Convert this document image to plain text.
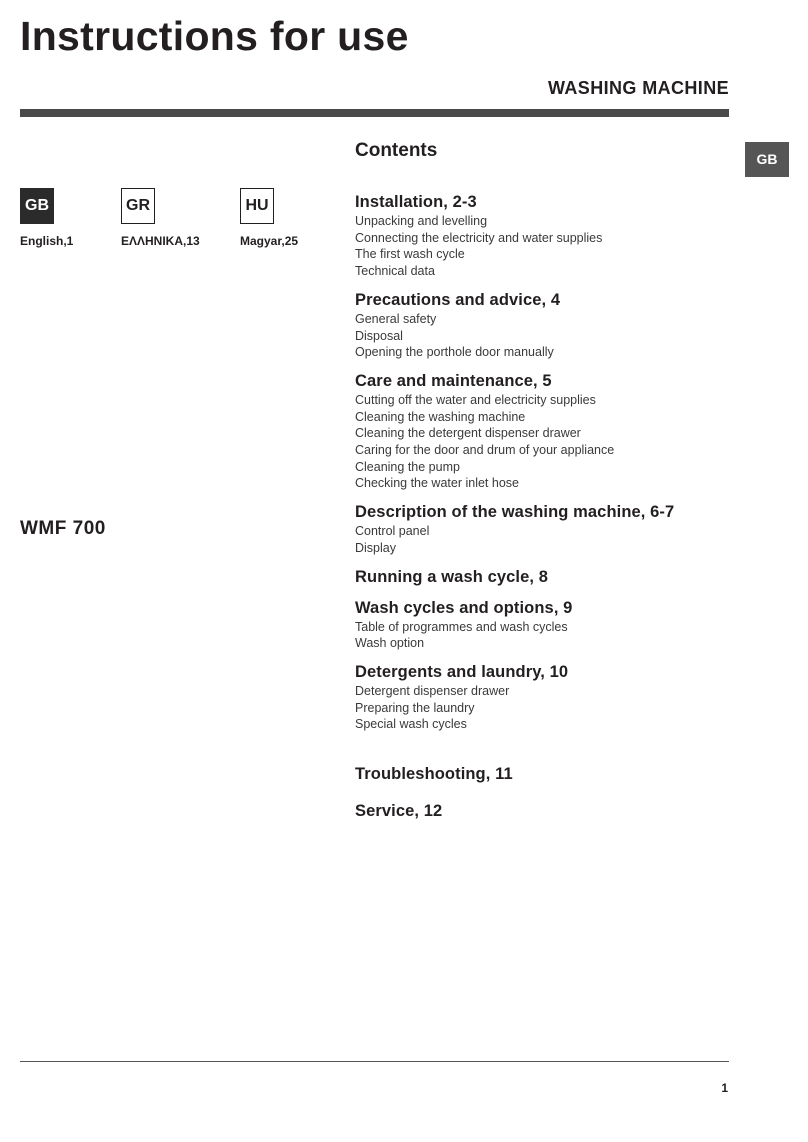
Instructions for use
WASHING MACHINE
GB
GB
English,1
GR
ΕΛΛΗΝΙΚΑ,13
HU
Magyar,25
WMF 700
Contents
Installation, 2-3
Unpacking and levelling
Connecting the electricity and water supplies
The first wash cycle
Technical data
Precautions and advice, 4
General safety
Disposal
Opening the porthole door manually
Care and maintenance, 5
Cutting off the water and electricity supplies
Cleaning the washing machine
Cleaning the detergent dispenser drawer
Caring for the door and drum of your appliance
Cleaning the pump
Checking the water inlet hose
Description of the washing machine, 6-7
Control panel
Display
Running a wash cycle, 8
Wash cycles and options, 9
Table of programmes and wash cycles
Wash option
Detergents and laundry, 10
Detergent dispenser drawer
Preparing the laundry
Special wash cycles
Troubleshooting, 11
Service, 12
1
